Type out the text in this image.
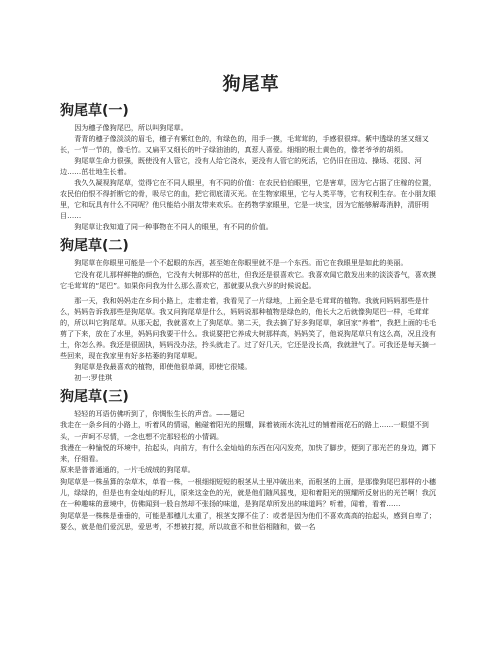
狗尾草
狗尾草(一)

因为穗子像狗尾巴，所以叫狗尾草。

青青的穗子像淡淡的眉毛，穗子有紫红色的，有绿色的，用手一摸，毛茸茸的，手感很很痒。紫中透绿的茎又细又长，一节一节的，像毛竹。又扁平又细长的叶子绿油油的，真惹人喜爱。细细的根土黄色的，像老爷爷的胡须。

狗尾草生命力很强，既使没有人管它，没有人给它浇水，更没有人管它的死活，它仍旧在田边、操场、花园、河边……茁壮地生长着。

我久久凝视狗尾草，觉得它在不同人眼里，有不同的价值：在农民伯伯眼里，它是害草，因为它占据了庄稼的位置，农民伯伯恨不得折断它的骨，吸尽它的血，把它彻底清灭光。在生物家眼里，它与人类平等，它有权利生存。在小朋友眼里，它和玩具有什么不同呢？他只能给小朋友带来欢乐。在药物学家眼里，它是一块宝，因为它能够解毒消肿，清肝明目……

狗尾草让我知道了同一种事物在不同人的眼里，有不同的价值。

狗尾草(二)

狗尾草在你眼里可能是一个不起眼的东西，甚至她在你眼里就不是一个东西。而它在我眼里是如此的美丽。

它没有花儿那样鲜艳的颜色，它没有大树那样的茁壮，但我还是很喜欢它。我喜欢闻它散发出来的淡淡香气，喜欢摸它毛茸茸的“尾巴”。如果你问我为什么那么喜欢它，那就要从我六岁的时候说起。

那一天，我和妈妈走在乡间小路上，走着走着，我看见了一片绿地，上面全是毛茸茸的植物。我就问妈妈那些是什么，妈妈告诉我那些是狗尾草。我又问狗尾草是什么，妈妈说那种植物是绿色的，他长大之后就像狗尾巴一样，毛茸茸的，所以叫它狗尾草。从那天起，我就喜欢上了狗尾草。第二天，我去摘了好多狗尾草，拿回家“养着”，我把上面的毛毛剪了下来，放在了水里，妈妈问我要干什么。我说要把它养成大树那样高，妈妈笑了，他说狗尾草只有这么高，况且没有土，你怎么养。我还是很固执，妈妈没办法，拎头就走了。过了好几天，它还是没长高，我就泄气了。可我还是每天摘一些回来，现在我家里有好多枯萎的狗尾草呢。

狗尾草是我最喜欢的植物，即使他很单调，即使它很矮。

初一:罗佳琪

狗尾草(三)

轻轻的耳语仿佛听到了，你惆怅生长的声音。——题记

我走在一条乡间的小路上，听着风的情谣，触碰着阳光的照耀，踩着被雨水洗礼过的铺着雨花石的路上……一眼望不到头，一声呵不尽情，一念也想不完那轻松的小情调。

我漫在一种愉悦的环境中，抬起头，向前方，有什么金灿灿的东西在闪闪发亮，加快了脚步，便到了那光芒的身边，蹲下来，仔细看。

原来是普普通通的，一片毛绒绒的狗尾草。

狗尾草是一株虽算的杂草木，单看一株，一根细细短短的根茎从土里冲破出来，而根茎的上面，是那像狗尾巴那样的小穗儿，绿绿的，但是也有金灿灿的籽儿，原来这金色的光，就是他们随风摇曳，迎和着阳光的照耀所反射出的光芒啊！我沉在一种趣味的意境中，仿佛闻到一股自然却不张扬的味道，是狗尾草所发出的味道吗？听着，闻着，看着……

狗尾草是一株株是垂垂的，可能是那穗儿太重了，根茎支撑不住了：或者是因为他们不喜欢高高的抬起头，感到自卑了；要么，就是他们爱沉思，爱思考，不想被打搅，所以故意不和世俗相随和，做一名
